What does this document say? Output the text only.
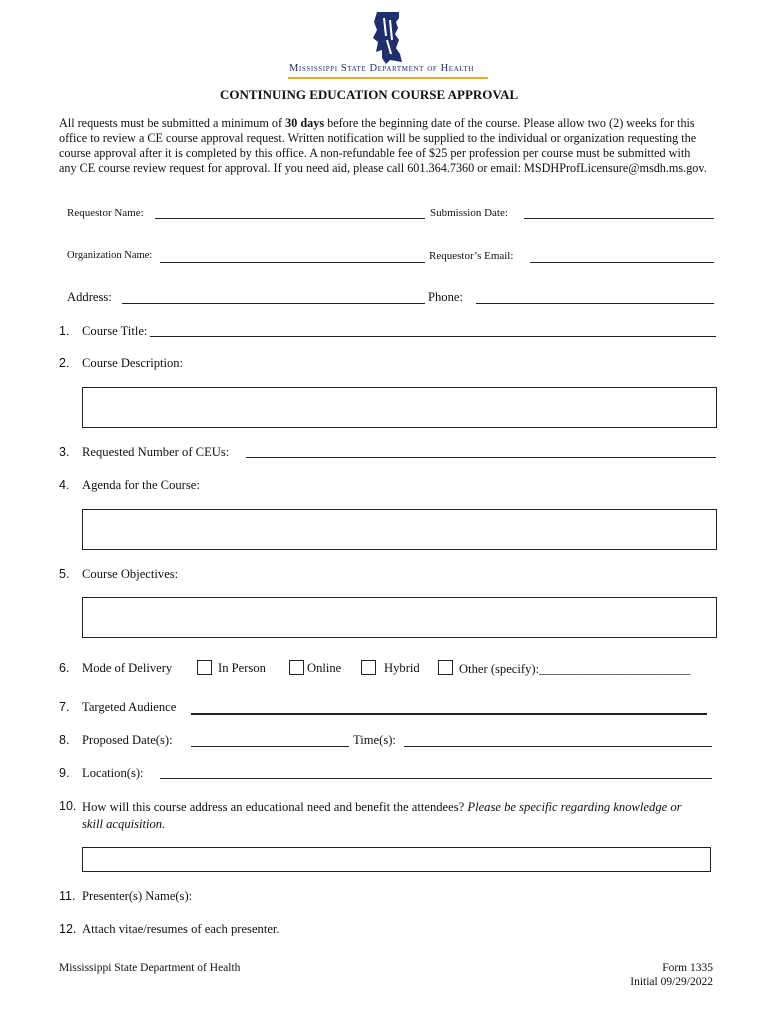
Mississippi State Department of Health
CONTINUING EDUCATION COURSE APPROVAL
All requests must be submitted a minimum of 30 days before the beginning date of the course. Please allow two (2) weeks for this office to review a CE course approval request. Written notification will be supplied to the individual or organization requesting the course approval after it is completed by this office. A non-refundable fee of $25 per profession per course must be submitted with any CE course review request for approval. If you need aid, please call 601.364.7360 or email: MSDHProfLicensure@msdh.ms.gov.
Requestor Name:	Submission Date:
Organization Name:	Requestor’s Email:
Address:	Phone:
1. Course Title:
2. Course Description:
3. Requested Number of CEUs:
4. Agenda for the Course:
5. Course Objectives:
6. Mode of Delivery	In Person	Online	Hybrid	Other (specify):________________________
7. Targeted Audience
8. Proposed Date(s):	Time(s):
9. Location(s):
10. How will this course address an educational need and benefit the attendees? Please be specific regarding knowledge or skill acquisition.
11. Presenter(s) Name(s):
12. Attach vitae/resumes of each presenter.
Mississippi State Department of Health	Form 1335
Initial 09/29/2022
